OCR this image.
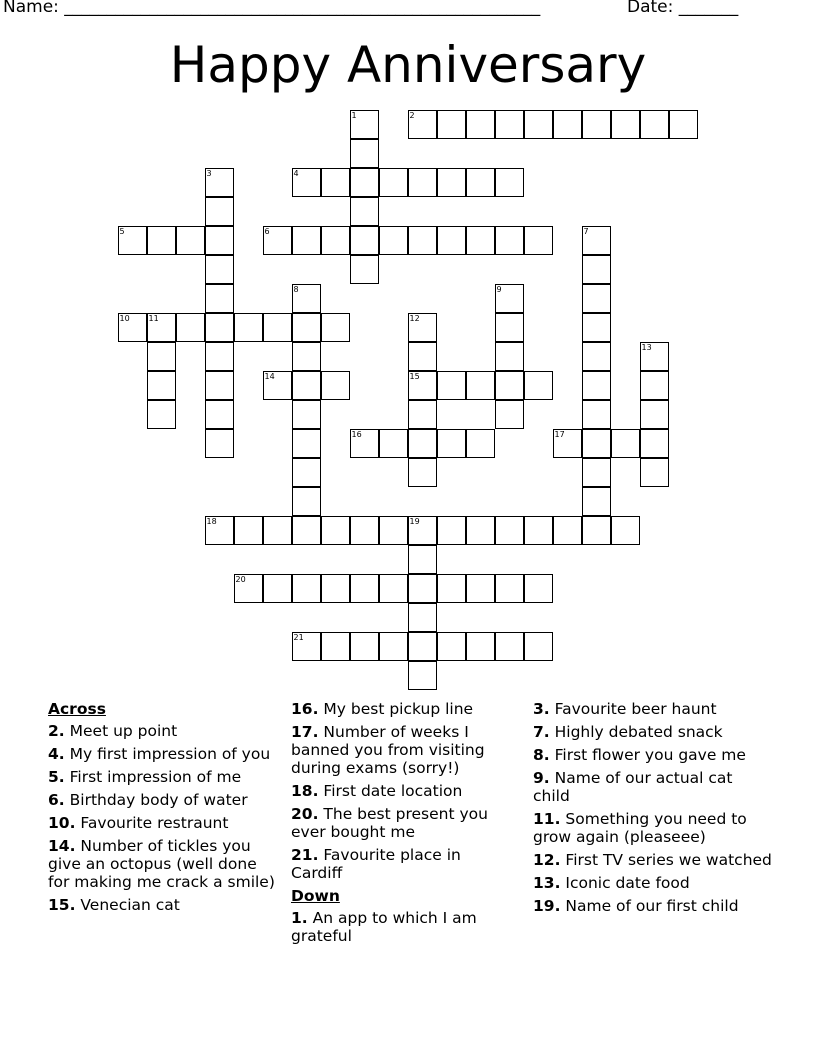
Name: ________________________________________________________	Date: _______
Happy Anniversary
1	2
3	4
5	6	7
8	9
10 11	12
15
13
14
16	17
18	19
20
21
Across
2. Meet up point
4. My first impression of you
5. First impression of me
6. Birthday body of water
10. Favourite restraunt
14. Number of tickles you give an octopus (well done for making me crack a smile)
15. Venecian cat
16. My best pickup line
17. Number of weeks I banned you from visiting during exams (sorry!)
18. First date location
20. The best present you ever bought me
21. Favourite place in Cardiff
Down
1. An app to which I am grateful
3. Favourite beer haunt
7. Highly debated snack
8. First flower you gave me
9. Name of our actual cat child
11. Something you need to grow again (pleaseee)
12. First TV series we watched
13. Iconic date food
19. Name of our first child
